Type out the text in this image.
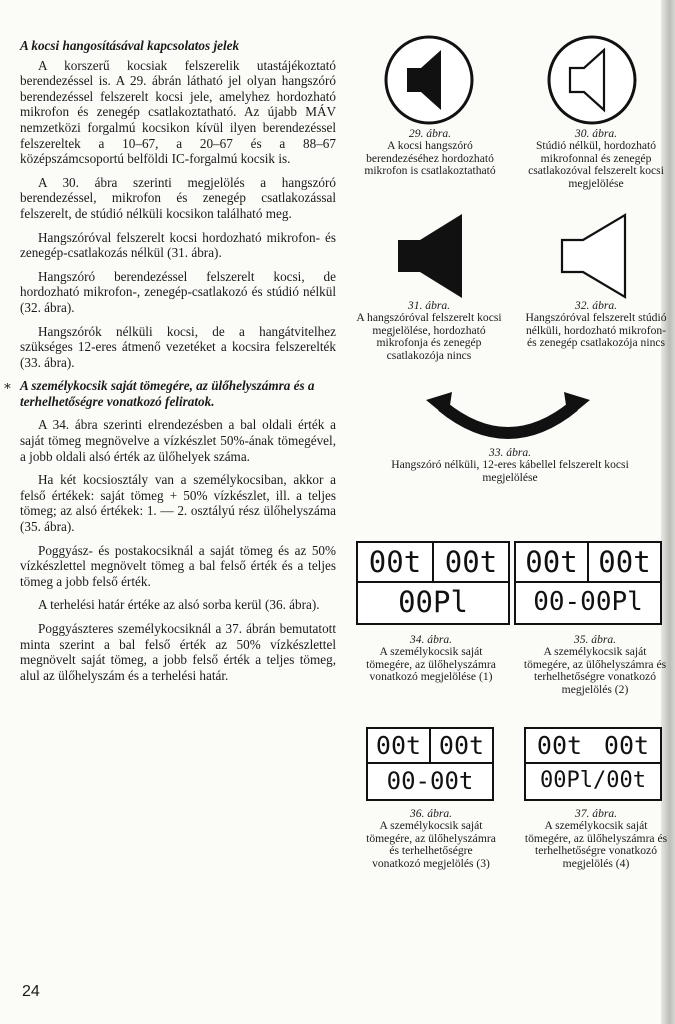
A kocsi hangosításával kapcsolatos jelek

A korszerű kocsiak felszerelik utastájékoztató berendezéssel is. A 29. ábrán látható jel olyan hangszóró berendezéssel felszerelt kocsi jele, amelyhez hordozható mikrofon és zenegép csatlakoztatható. Az újabb MÁV nemzetközi forgalmú kocsikon kívül ilyen berendezéssel felszereltek a 10–67, a 20–67 és a 88–67 középszámcsoportú belföldi IC-forgalmú kocsik is.

A 30. ábra szerinti megjelölés a hangszóró berendezéssel, mikrofon és zenegép csatlakozással felszerelt, de stúdió nélküli kocsikon található meg.

Hangszóróval felszerelt kocsi hordozható mikrofon- és zenegép-csatlakozás nélkül (31. ábra).

Hangszóró berendezéssel felszerelt kocsi, de hordozható mikrofon-, zenegép-csatlakozó és stúdió nélkül (32. ábra).

Hangszórók nélküli kocsi, de a hangátvitelhez szükséges 12-eres átmenő vezetéket a kocsira felszerelték (33. ábra).

∗ A személykocsik saját tömegére, az ülőhelyszámra és a terhelhetőségre vonatkozó feliratok.

A 34. ábra szerinti elrendezésben a bal oldali érték a saját tömeg megnövelve a vízkészlet 50%-ának tömegével, a jobb oldali alsó érték az ülőhelyek száma.

Ha két kocsiosztály van a személykocsiban, akkor a felső értékek: saját tömeg + 50% vízkészlet, ill. a teljes tömeg; az alsó értékek: 1. — 2. osztályú rész ülőhelyszáma (35. ábra).

Poggyász- és postakocsiknál a saját tömeg és az 50% vízkészlettel megnövelt tömeg a bal felső érték és a teljes tömeg a jobb felső érték.

A terhelési határ értéke az alsó sorba kerül (36. ábra).

Poggyászteres személykocsiknál a 37. ábrán bemutatott minta szerint a bal felső érték az 50% vízkészlettel megnövelt saját tömeg, a jobb felső érték a teljes tömeg, alul az ülőhelyszám és a terhelési határ.

24
29. ábra.
A kocsi hangszóró berendezéséhez hordozható mikrofon is csatlakoztatható
30. ábra.
Stúdió nélkül, hordozható mikrofonnal és zenegép csatlakozóval felszerelt kocsi megjelölése
31. ábra.
A hangszóróval felszerelt kocsi megjelölése, hordozható mikrofonja és zenegép csatlakozója nincs
32. ábra.
Hangszóróval felszerelt stúdió nélküli, hordozható mikrofon- és zenegép csatlakozója nincs
33. ábra.
Hangszóró nélküli, 12-eres kábellel felszerelt kocsi megjelölése
00t 00t
00Pl
34. ábra.
A személykocsik saját tömegére, az ülőhelyszámra vonatkozó megjelölése (1)
00t 00t
00-00Pl
35. ábra.
A személykocsik saját tömegére, az ülőhelyszámra és terhelhetőségre vonatkozó megjelölés (2)
00t 00t
00-00t
36. ábra.
A személykocsik saját tömegére, az ülőhelyszámra és terhelhetőségre vonatkozó megjelölés (3)
00t 00t
00Pl/00t
37. ábra.
A személykocsik saját tömegére, az ülőhelyszámra és terhelhetőségre vonatkozó megjelölés (4)
